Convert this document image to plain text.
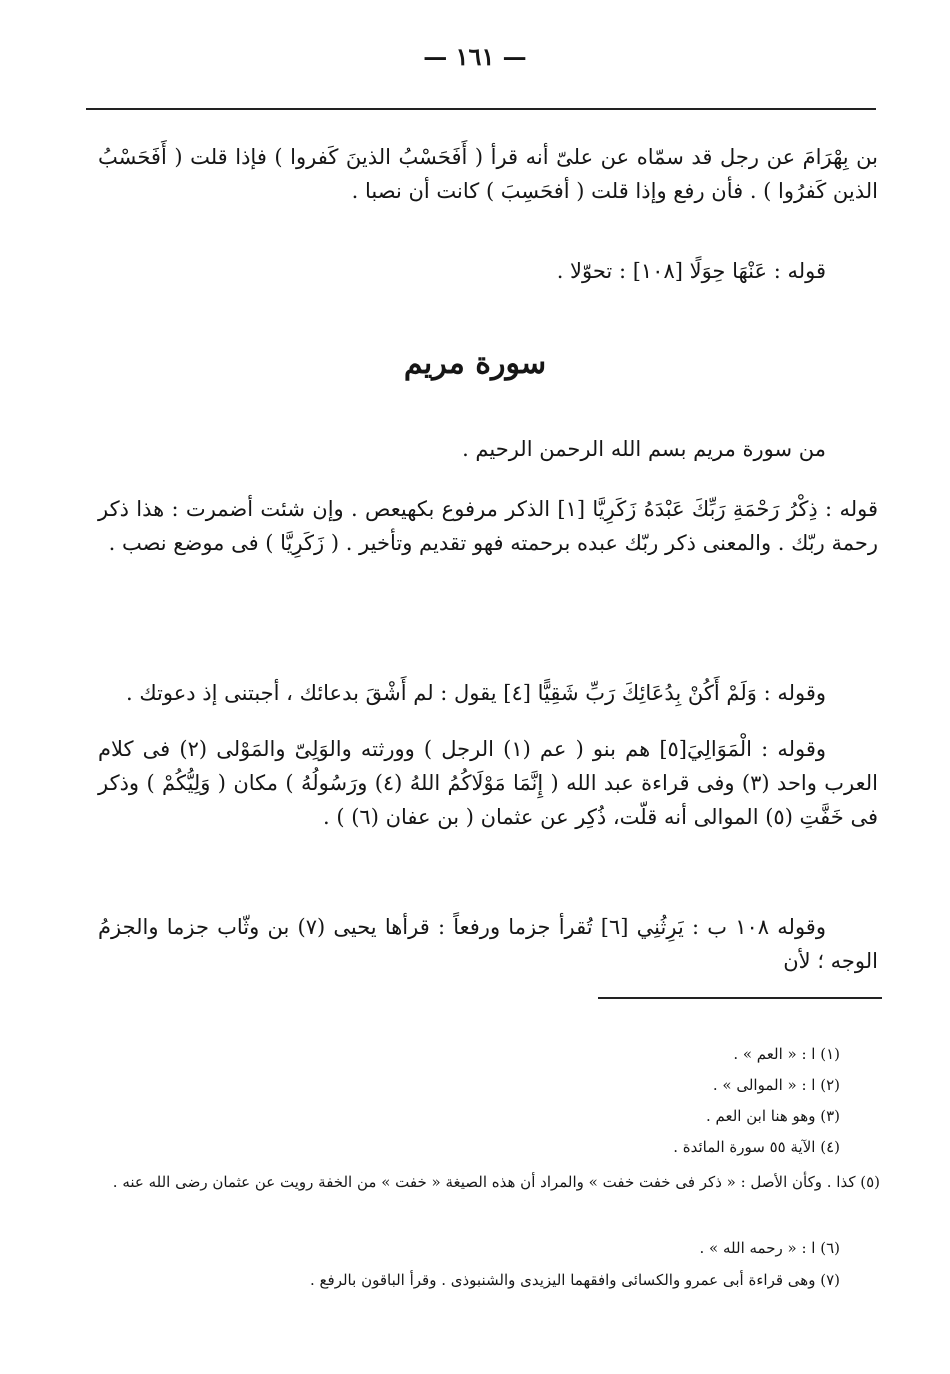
— ١٦١ —
بن بِهْرَامَ عن رجل قد سمّاه عن علىّ أنه قرأ ( أَفَحَسْبُ الذينَ كَفروا ) فإذا قلت ( أَفَحَسْبُ الذين كَفرُوا ) . فأن رفع وإذا قلت ( أفحَسِبَ ) كانت أن نصبا .
قوله : عَنْهَا حِوَلًا [١٠٨] : تحوّلا .
سورة مريم
من سورة مريم بسم الله الرحمن الرحيم .
قوله : ذِكْرُ رَحْمَةِ رَبِّكَ عَبْدَهُ زَكَرِيَّا [١] الذكر مرفوع بكهيعص . وإن شئت أضمرت : هذا ذكر رحمة ربّك . والمعنى ذكر ربّك عبده برحمته فهو تقديم وتأخير . ( زَكَرِيَّا ) فى موضع نصب .
وقوله : وَلَمْ أَكُنْ بِدُعَائِكَ رَبِّ شَقِيًّا [٤] يقول : لم أَشْقَ بدعائك ، أجبتنى إذ دعوتك .
وقوله : الْمَوَالِيَ[٥] هم بنو ( عم (١) الرجل ) وورثته والوَلِىّ والمَوْلى (٢) فى كلام العرب واحد (٣) وفى قراءة عبد الله ( إِنَّمَا مَوْلَاكُمُ اللهُ (٤) ورَسُولُهُ ) مكان ( وَلِيُّكُمْ ) وذكر فى خَفَّتِ (٥) الموالى أنه قلّت، ذُكِر عن عثمان ( بن عفان (٦) ) .
وقوله ١٠٨ ب : يَرِثُنِي [٦] تُقرأ جزما ورفعاً : قرأها يحيى (٧) بن وثّاب جزما والجزمُ الوجه ؛ لأن
(١) ا : « العم » .
(٢) ا : « الموالى » .
(٣) وهو هنا ابن العم .
(٤) الآية ٥٥ سورة المائدة .
(٥) كذا . وكأن الأصل : « ذكر فى خفت خفت » والمراد أن هذه الصيغة « خفت » من الخفة رويت عن عثمان رضى الله عنه .
(٦) ا : « رحمه الله » .
(٧) وهى قراءة أبى عمرو والكسائى وافقهما اليزيدى والشنبوذى . وقرأ الباقون بالرفع .
